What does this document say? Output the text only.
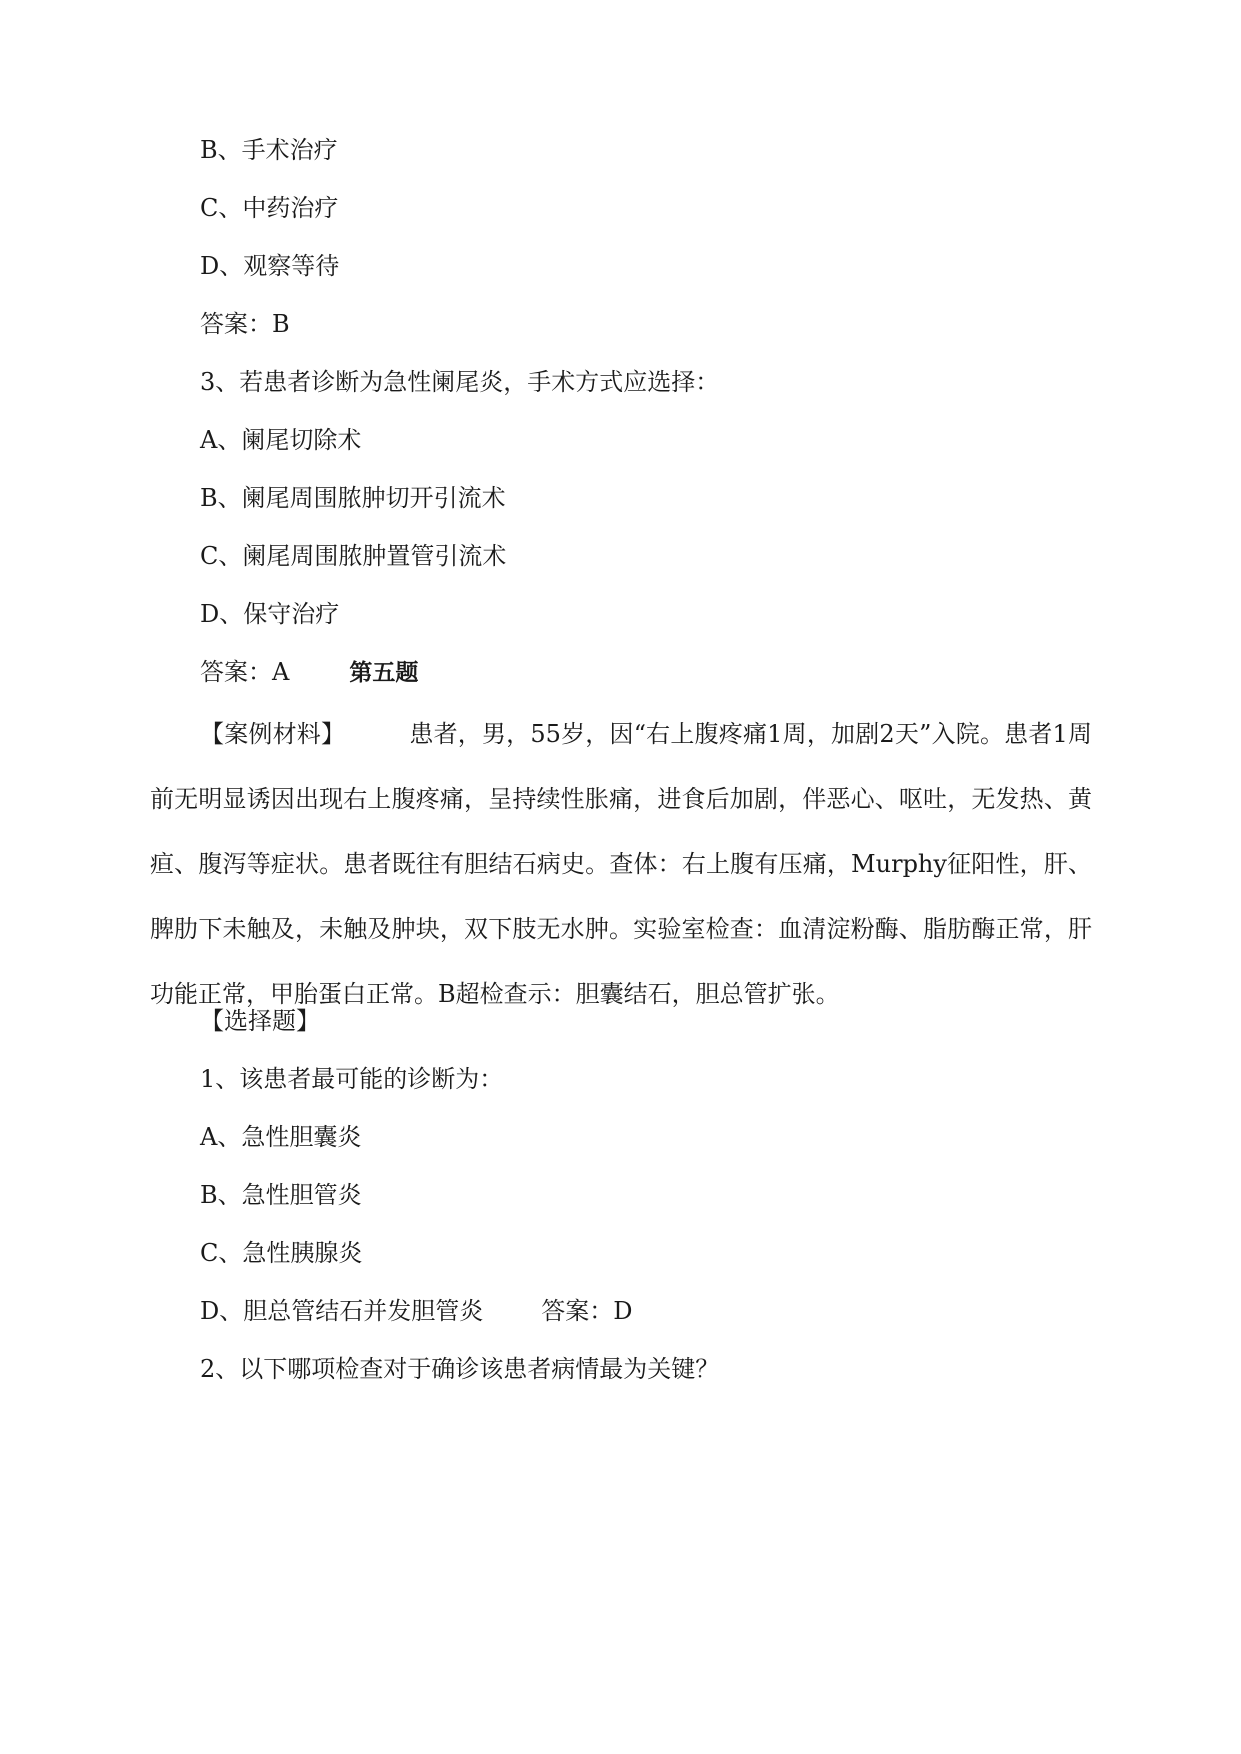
B、手术治疗
C、中药治疗
D、观察等待
答案：B
3、若患者诊断为急性阑尾炎，手术方式应选择：
A、阑尾切除术
B、阑尾周围脓肿切开引流术
C、阑尾周围脓肿置管引流术
D、保守治疗
答案：A	第五题
【案例材料】	患者，男，55岁，因“右上腹疼痛1周，加剧2天”入院。患者1周前无明显诱因出现右上腹疼痛，呈持续性胀痛，进食后加剧，伴恶心、呕吐，无发热、黄疸、腹泻等症状。患者既往有胆结石病史。查体：右上腹有压痛，Murphy征阳性，肝、脾肋下未触及，未触及肿块，双下肢无水肿。实验室检查：血清淀粉酶、脂肪酶正常，肝功能正常，甲胎蛋白正常。B超检查示：胆囊结石，胆总管扩张。
【选择题】
1、该患者最可能的诊断为：
A、急性胆囊炎
B、急性胆管炎
C、急性胰腺炎
D、胆总管结石并发胆管炎 答案：D
2、以下哪项检查对于确诊该患者病情最为关键？
